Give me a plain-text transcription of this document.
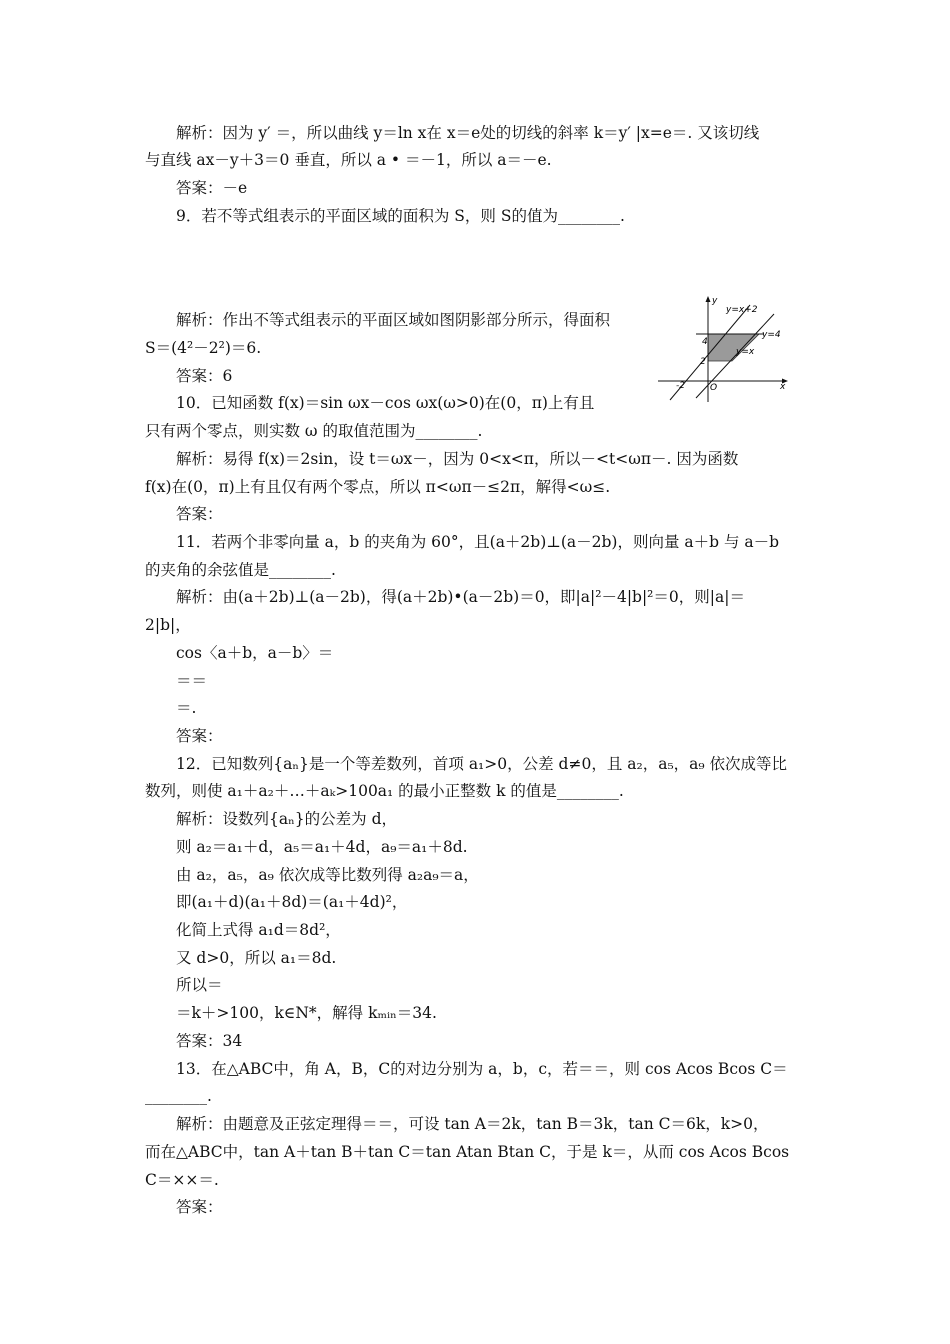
解析：因为 y′ ＝，所以曲线 y＝ln x在 x＝e处的切线的斜率 k＝y′ |x=e＝. 又该切线
与直线 ax－y＋3＝0 垂直，所以 a • ＝－1，所以 a＝－e.
答案：－e
9．若不等式组表示的平面区域的面积为 S，则 S的值为________.
解析：作出不等式组表示的平面区域如图阴影部分所示，得面积
S＝(4²－2²)＝6.
答案：6
10．已知函数 f(x)＝sin ωx－cos ωx(ω>0)在(0，π)上有且
只有两个零点，则实数 ω 的取值范围为________.
解析：易得 f(x)＝2sin，设 t＝ωx－，因为 0<x<π，所以－<t<ωπ－. 因为函数
f(x)在(0，π)上有且仅有两个零点，所以 π<ωπ－≤2π，解得<ω≤.
答案：
11．若两个非零向量 a，b 的夹角为 60°，且(a＋2b)⊥(a－2b)，则向量 a＋b 与 a－b
的夹角的余弦值是________.
解析：由(a＋2b)⊥(a－2b)，得(a＋2b)•(a－2b)＝0，即|a|²－4|b|²＝0，则|a|＝
2|b|，
cos〈a＋b，a－b〉＝
＝＝
＝.
答案：
12．已知数列{aₙ}是一个等差数列，首项 a₁>0，公差 d≠0，且 a₂，a₅，a₉ 依次成等比
数列，则使 a₁＋a₂＋…＋aₖ>100a₁ 的最小正整数 k 的值是________.
解析：设数列{aₙ}的公差为 d，
则 a₂＝a₁＋d，a₅＝a₁＋4d，a₉＝a₁＋8d.
由 a₂，a₅，a₉ 依次成等比数列得 a₂a₉＝a，
即(a₁＋d)(a₁＋8d)＝(a₁＋4d)²，
化简上式得 a₁d＝8d²，
又 d>0，所以 a₁＝8d.
所以＝
＝k＋>100，k∈N*，解得 kₘᵢₙ＝34.
答案：34
13．在△ABC中，角 A，B，C的对边分别为 a，b，c，若＝＝，则 cos Acos Bcos C＝
________.
解析：由题意及正弦定理得＝＝，可设 tan A＝2k，tan B＝3k，tan C＝6k，k>0，
而在△ABC中，tan A＋tan B＋tan C＝tan Atan Btan C，于是 k＝，从而 cos Acos Bcos
C＝××＝.
答案：
y
x
O
y=x+2
y=4
y=x
4
2
-2
